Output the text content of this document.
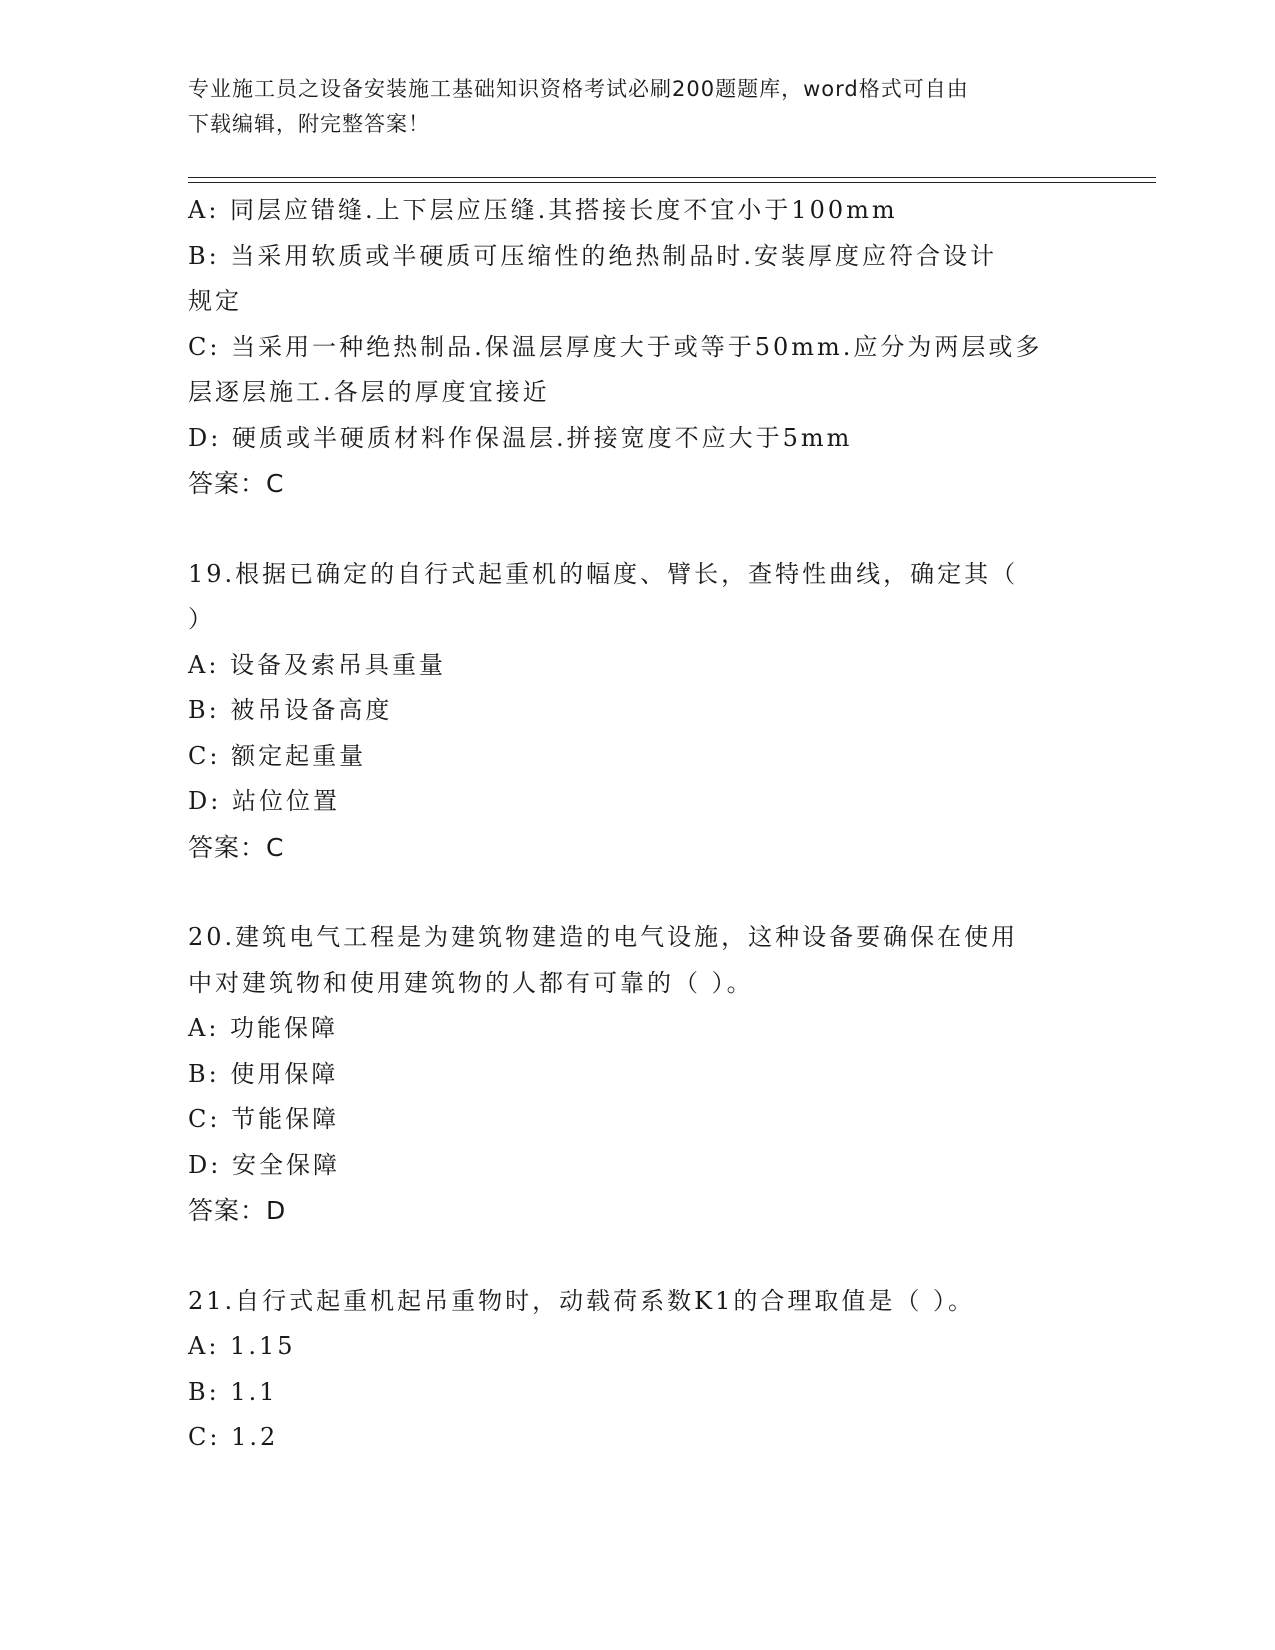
专业施工员之设备安装施工基础知识资格考试必刷200题题库，word格式可自由
下载编辑，附完整答案！
A: 同层应错缝.上下层应压缝.其搭接长度不宜小于100mm
B: 当采用软质或半硬质可压缩性的绝热制品时.安装厚度应符合设计
规定
C: 当采用一种绝热制品.保温层厚度大于或等于50mm.应分为两层或多
层逐层施工.各层的厚度宜接近
D: 硬质或半硬质材料作保温层.拼接宽度不应大于5mm
答案：C
19.根据已确定的自行式起重机的幅度、臂长，查特性曲线，确定其（
）
A: 设备及索吊具重量
B: 被吊设备高度
C: 额定起重量
D: 站位位置
答案：C
20.建筑电气工程是为建筑物建造的电气设施，这种设备要确保在使用
中对建筑物和使用建筑物的人都有可靠的（ ）。
A: 功能保障
B: 使用保障
C: 节能保障
D: 安全保障
答案：D
21.自行式起重机起吊重物时，动载荷系数K1的合理取值是（ ）。
A: 1.15
B: 1.1
C: 1.2
